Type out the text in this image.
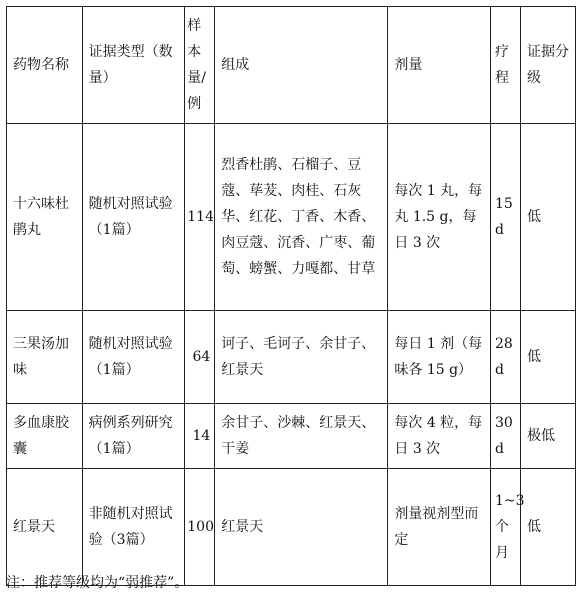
药物名称	证据类型（数量）	样本量/例	组成	剂量	疗程	证据分级
十六味杜鹃丸	随机对照试验（1篇）	114	烈香杜鹃、石榴子、豆蔻、荜茇、肉桂、石灰华、红花、丁香、木香、肉豆蔻、沉香、广枣、葡萄、螃蟹、力嘎都、甘草	每次 1 丸，每丸 1.5 g，每日 3 次	15 d	低
三果汤加味	随机对照试验（1篇）	64	诃子、毛诃子、余甘子、红景天	每日 1 剂（每味各 15 g）	28 d	低
多血康胶囊	病例系列研究（1篇）	14	余甘子、沙棘、红景天、干姜	每次 4 粒，每日 3 次	30 d	极低
红景天	非随机对照试验（3篇）	100	红景天	剂量视剂型而定	1~3个月	低
注：推荐等级均为“弱推荐”。
